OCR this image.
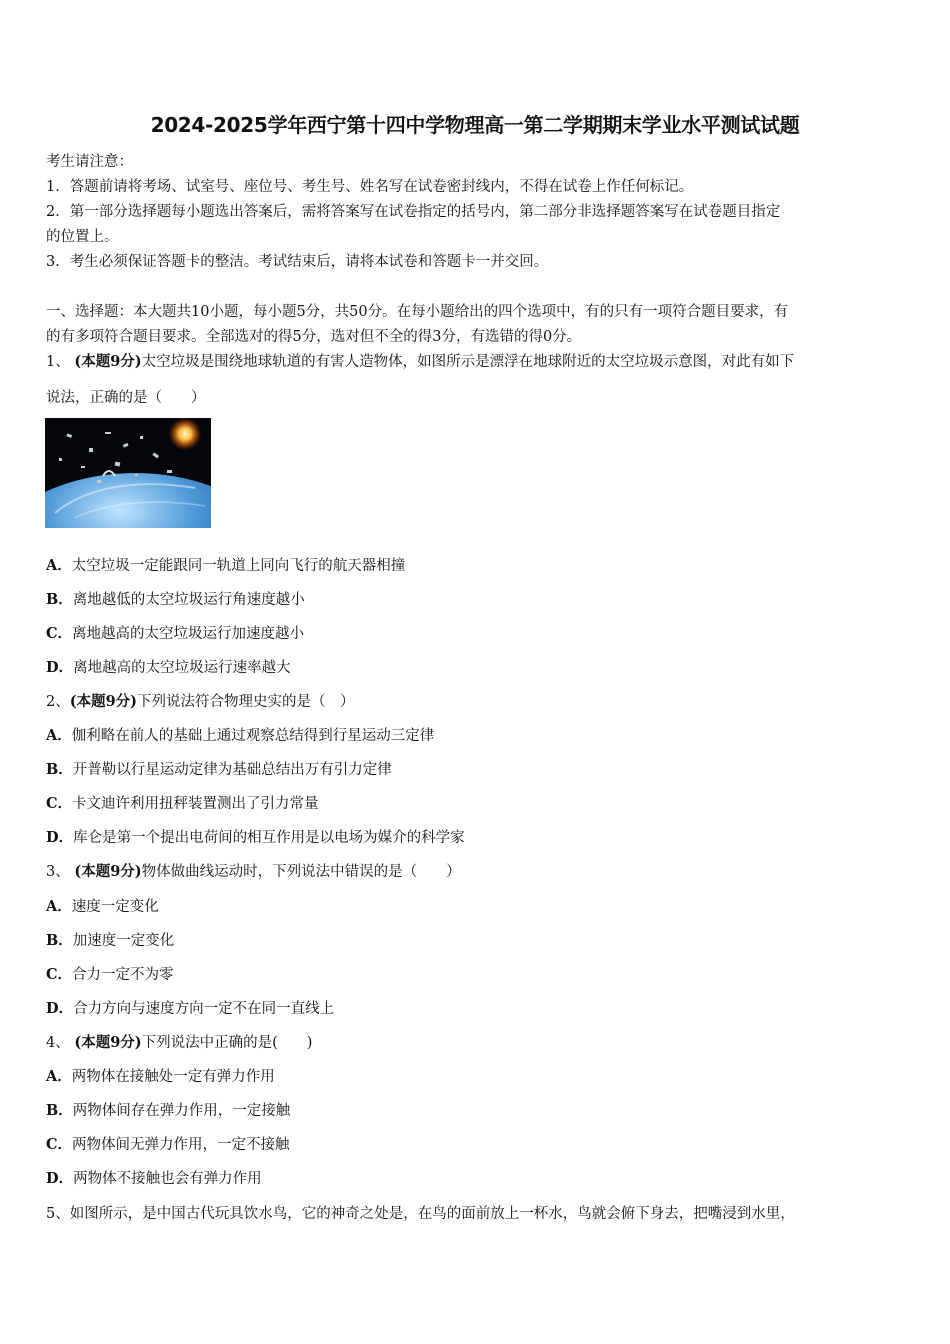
2024-2025学年西宁第十四中学物理高一第二学期期末学业水平测试试题
考生请注意：
1．答题前请将考场、试室号、座位号、考生号、姓名写在试卷密封线内，不得在试卷上作任何标记。
2．第一部分选择题每小题选出答案后，需将答案写在试卷指定的括号内，第二部分非选择题答案写在试卷题目指定
的位置上。
3．考生必须保证答题卡的整洁。考试结束后，请将本试卷和答题卡一并交回。
一、选择题：本大题共10小题，每小题5分，共50分。在每小题给出的四个选项中，有的只有一项符合题目要求，有
的有多项符合题目要求。全部选对的得5分，选对但不全的得3分，有选错的得0分。
1、 (本题9分)太空垃圾是围绕地球轨道的有害人造物体，如图所示是漂浮在地球附近的太空垃圾示意图，对此有如下
说法，正确的是（　　）
A．太空垃圾一定能跟同一轨道上同向飞行的航天器相撞
B．离地越低的太空垃圾运行角速度越小
C．离地越高的太空垃圾运行加速度越小
D．离地越高的太空垃圾运行速率越大
2、(本题9分)下列说法符合物理史实的是（　）
A．伽利略在前人的基础上通过观察总结得到行星运动三定律
B．开普勒以行星运动定律为基础总结出万有引力定律
C．卡文迪许利用扭秤装置测出了引力常量
D．库仑是第一个提出电荷间的相互作用是以电场为媒介的科学家
3、 (本题9分)物体做曲线运动时，下列说法中错误的是（　　）
A．速度一定变化
B．加速度一定变化
C．合力一定不为零
D．合力方向与速度方向一定不在同一直线上
4、 (本题9分)下列说法中正确的是(　　)
A．两物体在接触处一定有弹力作用
B．两物体间存在弹力作用，一定接触
C．两物体间无弹力作用，一定不接触
D．两物体不接触也会有弹力作用
5、如图所示，是中国古代玩具饮水鸟，它的神奇之处是，在鸟的面前放上一杯水，鸟就会俯下身去，把嘴浸到水里，
